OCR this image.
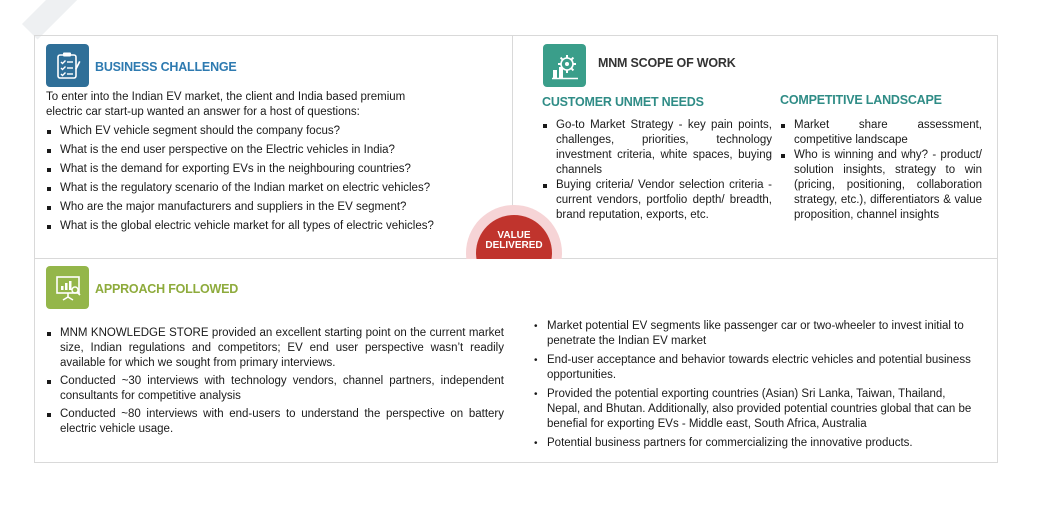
BUSINESS CHALLENGE
To enter into the Indian EV market, the client and India based premium electric car start-up wanted an answer for a host of questions:
Which EV vehicle segment should the company focus?
What is the end user perspective on the Electric vehicles in India?
What is the demand for exporting EVs in the neighbouring countries?
What is the regulatory scenario of the Indian market on electric vehicles?
Who are the major manufacturers and suppliers in the EV segment?
What is the global electric vehicle market for all types of electric vehicles?
MNM SCOPE OF WORK
CUSTOMER UNMET NEEDS
Go-to Market Strategy - key pain points, challenges, priorities, technology investment criteria, white spaces, buying channels
Buying criteria/ Vendor selection criteria - current vendors, portfolio depth/ breadth, brand reputation, exports, etc.
COMPETITIVE LANDSCAPE
Market share assessment, competitive landscape
Who is winning and why? - product/ solution insights, strategy to win (pricing, positioning, collaboration strategy, etc.), differentiators & value proposition, channel insights
VALUE
DELIVERED
APPROACH FOLLOWED
MNM KNOWLEDGE STORE provided an excellent starting point on the current market size, Indian regulations and competitors; EV end user perspective wasn’t readily available for which we sought from primary interviews.
Conducted ~30 interviews with technology vendors, channel partners, independent consultants for competitive analysis
Conducted ~80 interviews with end-users to understand the perspective on battery electric vehicle usage.
• Market potential EV segments like passenger car or two-wheeler to invest initial to penetrate the Indian EV market
• End-user acceptance and behavior towards electric vehicles and potential business opportunities.
• Provided the potential exporting countries (Asian) Sri Lanka, Taiwan, Thailand, Nepal, and Bhutan. Additionally, also provided potential countries global that can be benefial for exporting EVs - Middle east, South Africa, Australia
• Potential business partners for commercializing the innovative products.
